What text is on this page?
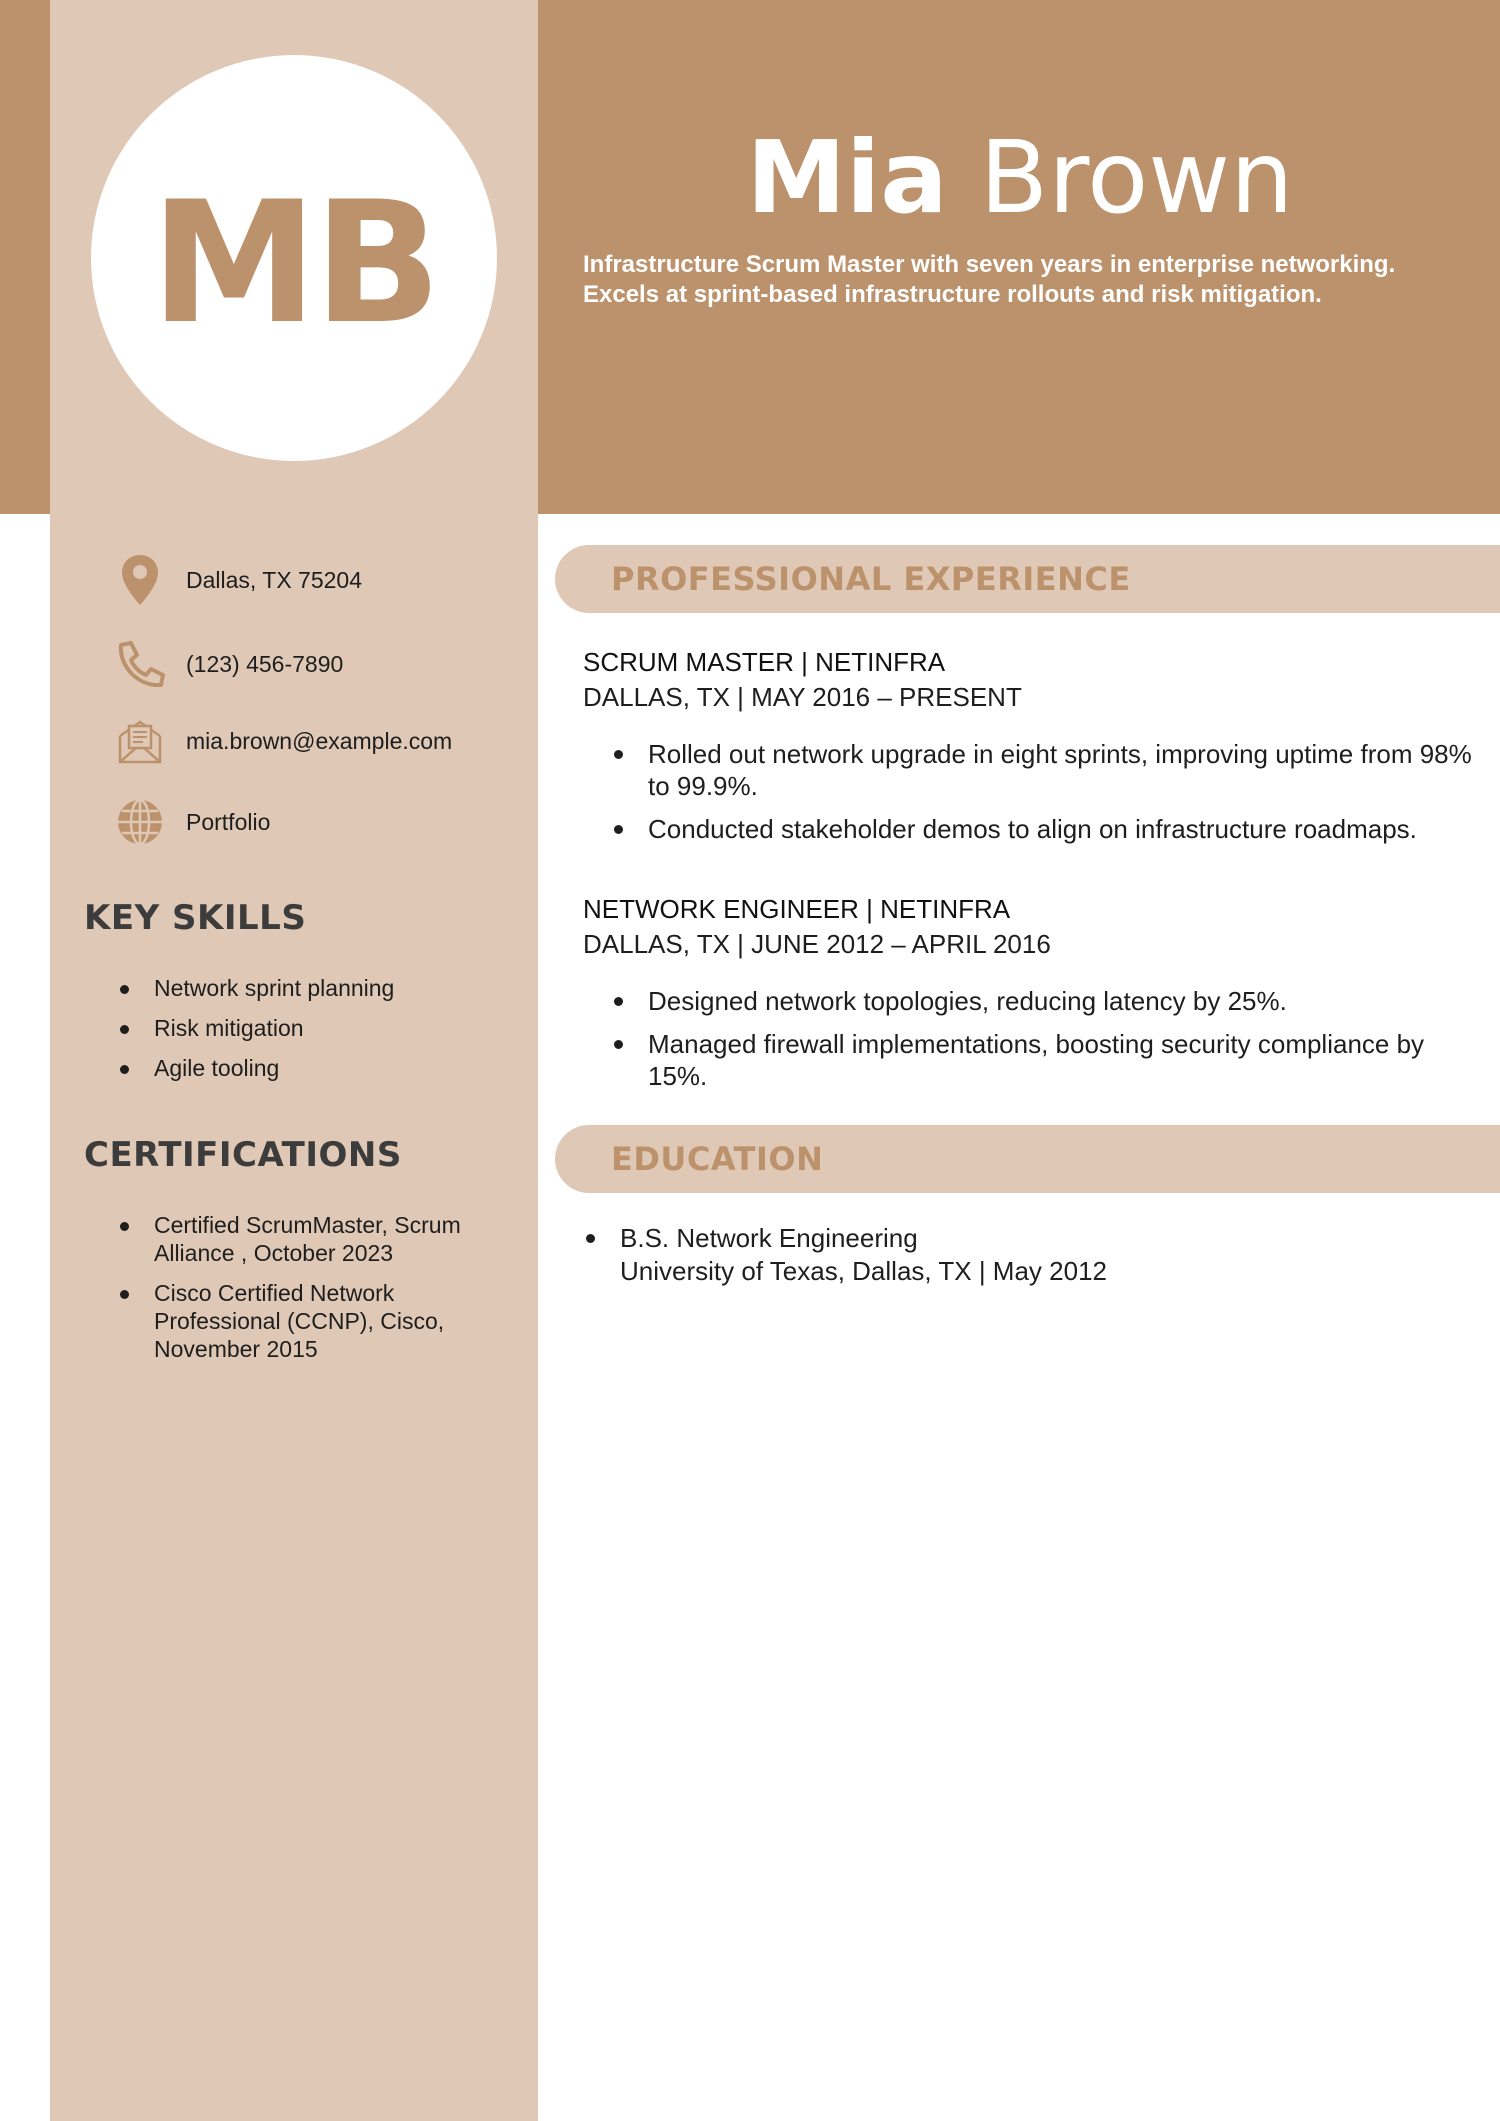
MB	Mia Brown
Infrastructure Scrum Master with seven years in enterprise networking. Excels at sprint-based infrastructure rollouts and risk mitigation.
Dallas, TX 75204
(123) 456-7890
mia.brown@example.com
Portfolio
KEY SKILLS
Network sprint planning
Risk mitigation
Agile tooling
CERTIFICATIONS
Certified ScrumMaster, Scrum Alliance , October 2023
Cisco Certified Network Professional (CCNP), Cisco, November 2015
PROFESSIONAL EXPERIENCE
SCRUM MASTER | NETINFRA
DALLAS, TX | MAY 2016 – PRESENT
Rolled out network upgrade in eight sprints, improving uptime from 98% to 99.9%.
Conducted stakeholder demos to align on infrastructure roadmaps.
NETWORK ENGINEER | NETINFRA
DALLAS, TX | JUNE 2012 – APRIL 2016
Designed network topologies, reducing latency by 25%.
Managed firewall implementations, boosting security compliance by 15%.
EDUCATION
B.S. Network Engineering
University of Texas, Dallas, TX | May 2012
